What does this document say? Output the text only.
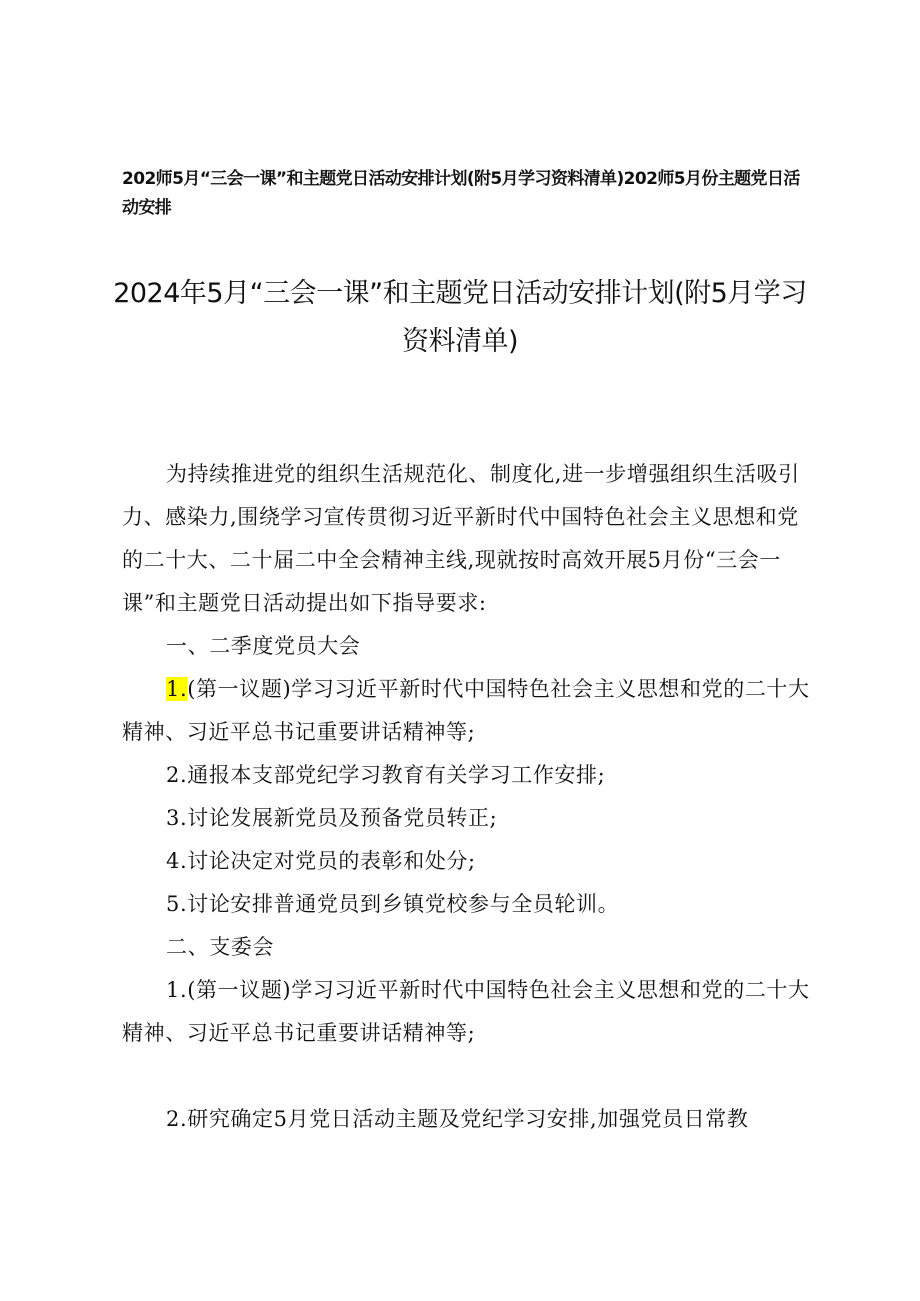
202师5月“三会一课”和主题党日活动安排计划(附5月学习资料清单)202师5月份主题党日活动安排

2024年5月“三会一课”和主题党日活动安排计划(附5月学习资料清单)

为持续推进党的组织生活规范化、制度化,进一步增强组织生活吸引力、感染力,围绕学习宣传贯彻习近平新时代中国特色社会主义思想和党的二十大、二十届二中全会精神主线,现就按时高效开展5月份“三会一课”和主题党日活动提出如下指导要求:

一、二季度党员大会

1.(第一议题)学习习近平新时代中国特色社会主义思想和党的二十大精神、习近平总书记重要讲话精神等;

2.通报本支部党纪学习教育有关学习工作安排;

3.讨论发展新党员及预备党员转正;

4.讨论决定对党员的表彰和处分;

5.讨论安排普通党员到乡镇党校参与全员轮训。

二、支委会

1.(第一议题)学习习近平新时代中国特色社会主义思想和党的二十大精神、习近平总书记重要讲话精神等;

2.研究确定5月党日活动主题及党纪学习安排,加强党员日常教
